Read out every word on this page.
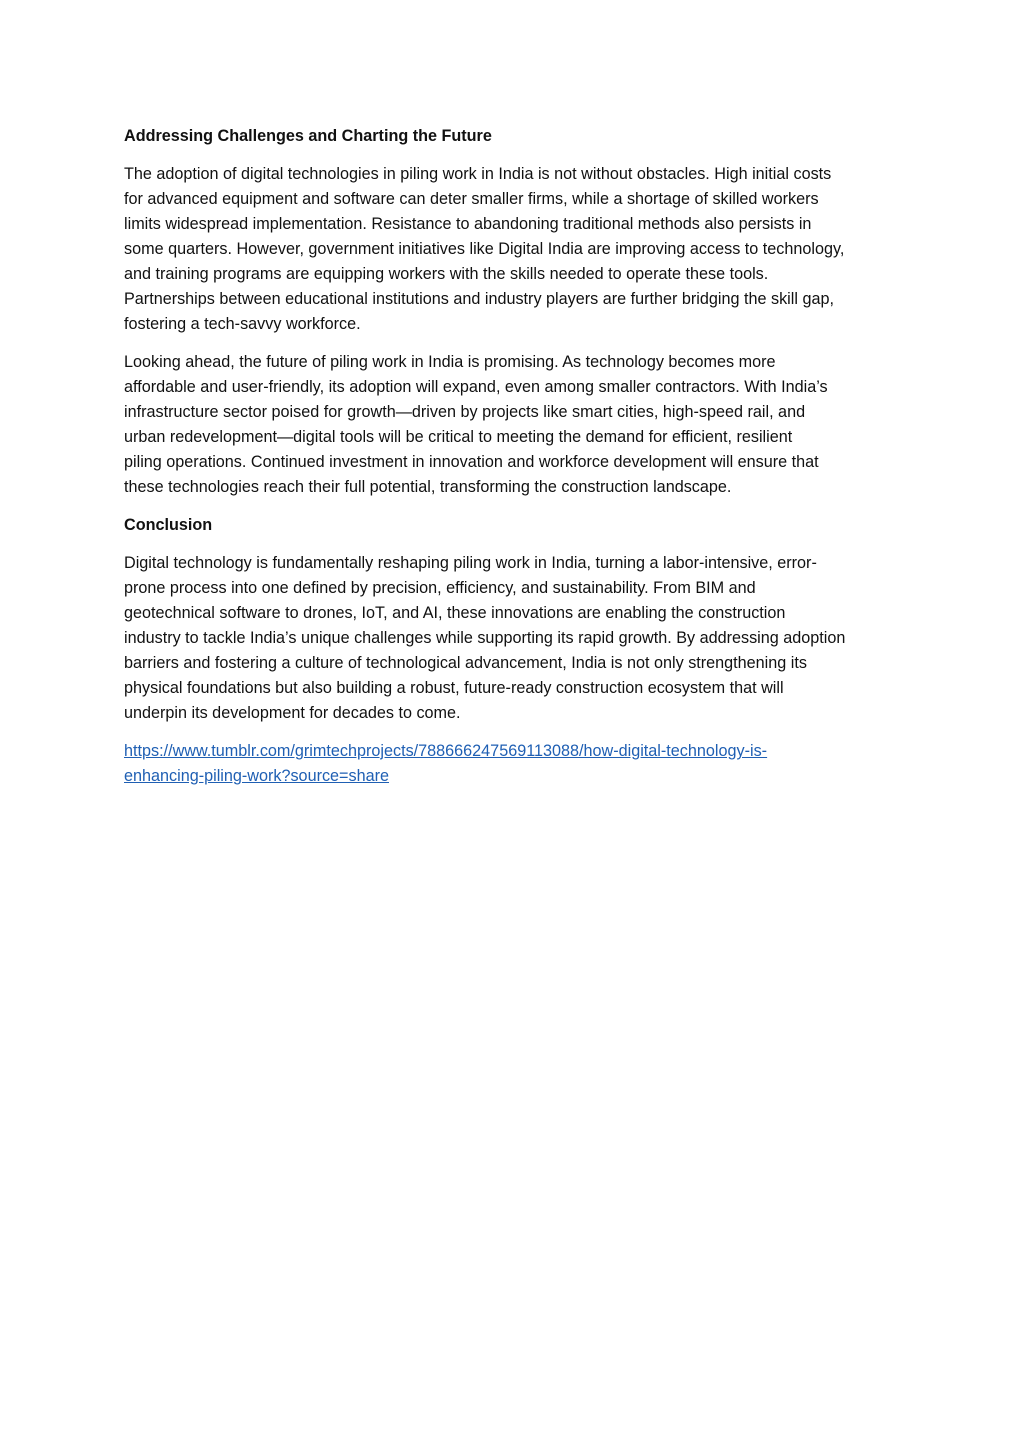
Addressing Challenges and Charting the Future

The adoption of digital technologies in piling work in India is not without obstacles. High initial costs
for advanced equipment and software can deter smaller firms, while a shortage of skilled workers
limits widespread implementation. Resistance to abandoning traditional methods also persists in
some quarters. However, government initiatives like Digital India are improving access to technology,
and training programs are equipping workers with the skills needed to operate these tools.
Partnerships between educational institutions and industry players are further bridging the skill gap,
fostering a tech-savvy workforce.

Looking ahead, the future of piling work in India is promising. As technology becomes more
affordable and user-friendly, its adoption will expand, even among smaller contractors. With India’s
infrastructure sector poised for growth—driven by projects like smart cities, high-speed rail, and
urban redevelopment—digital tools will be critical to meeting the demand for efficient, resilient
piling operations. Continued investment in innovation and workforce development will ensure that
these technologies reach their full potential, transforming the construction landscape.

Conclusion

Digital technology is fundamentally reshaping piling work in India, turning a labor-intensive, error-
prone process into one defined by precision, efficiency, and sustainability. From BIM and
geotechnical software to drones, IoT, and AI, these innovations are enabling the construction
industry to tackle India’s unique challenges while supporting its rapid growth. By addressing adoption
barriers and fostering a culture of technological advancement, India is not only strengthening its
physical foundations but also building a robust, future-ready construction ecosystem that will
underpin its development for decades to come.

https://www.tumblr.com/grimtechprojects/788666247569113088/how-digital-technology-is-
enhancing-piling-work?source=share
